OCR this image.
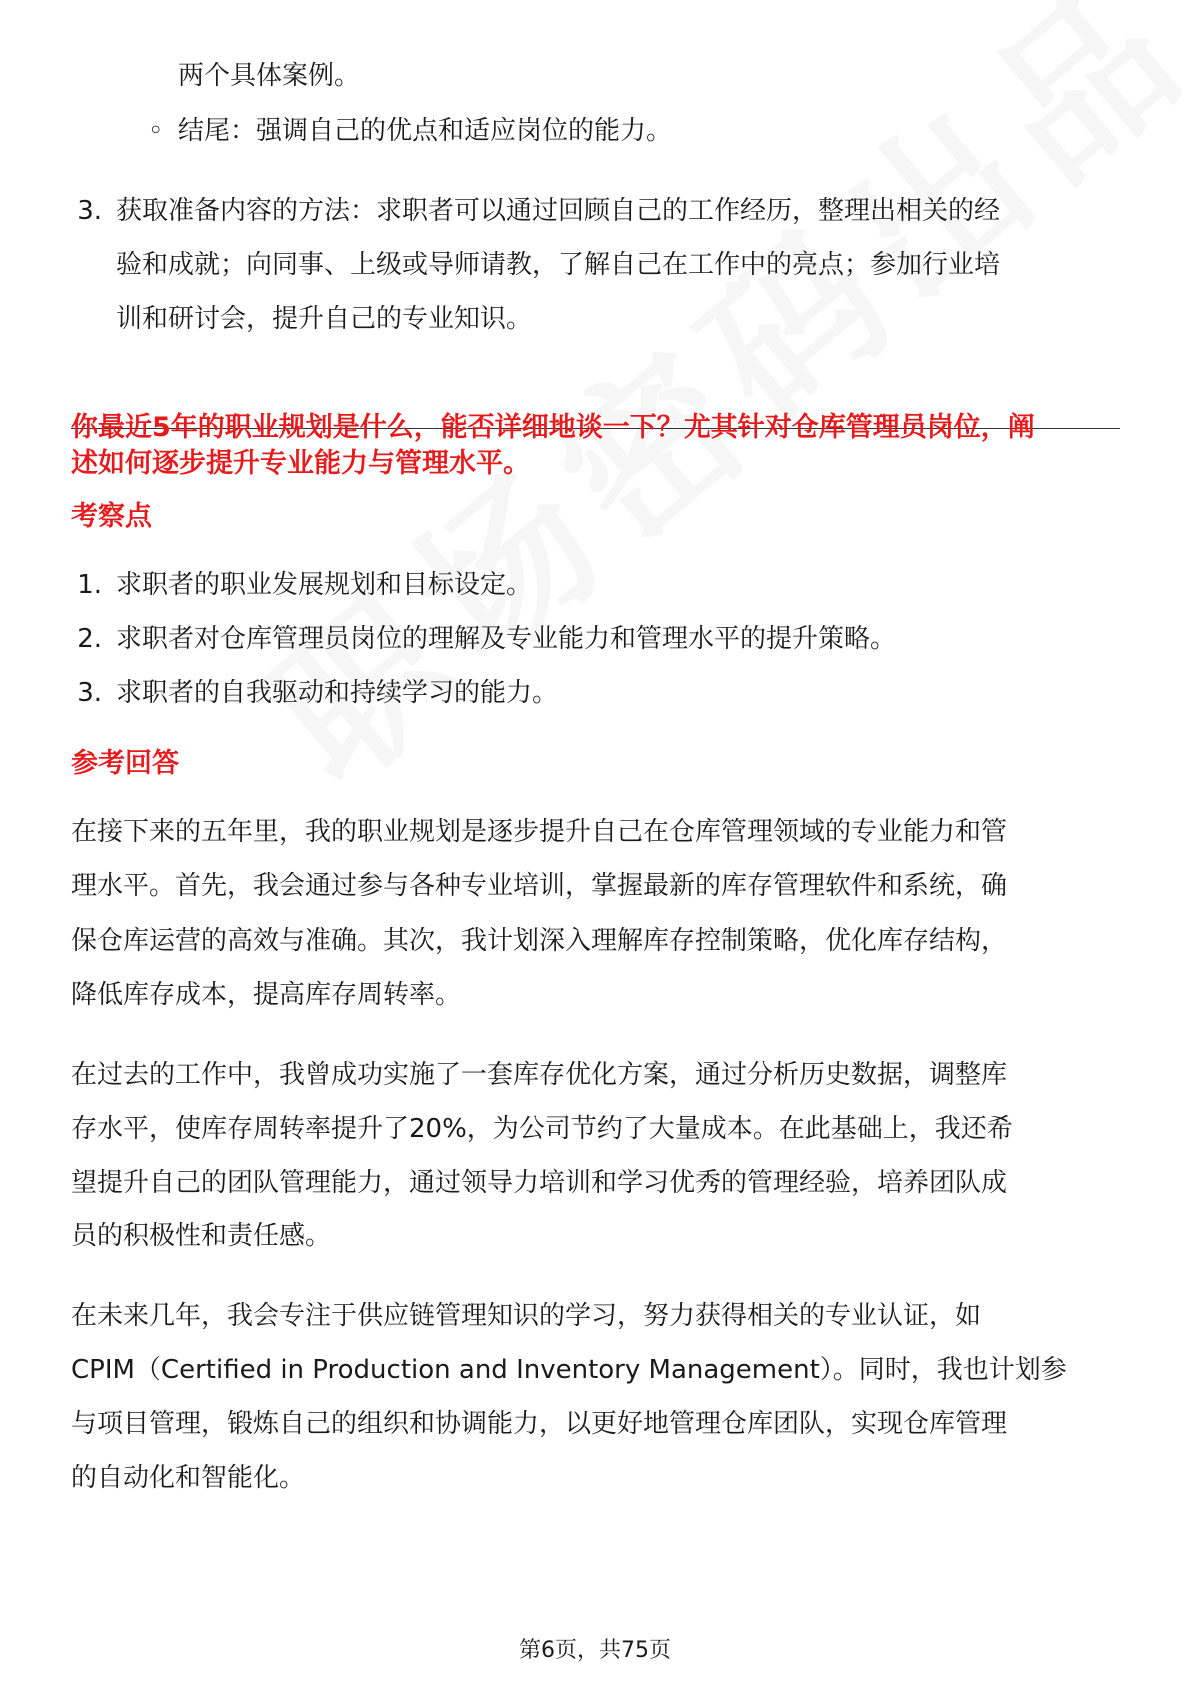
两个具体案例。
◦ 结尾：强调自己的优点和适应岗位的能力。
3. 获取准备内容的方法：求职者可以通过回顾自己的工作经历，整理出相关的经
验和成就；向同事、上级或导师请教，了解自己在工作中的亮点；参加行业培
训和研讨会，提升自己的专业知识。
你最近5年的职业规划是什么，能否详细地谈一下？尤其针对仓库管理员岗位，阐
述如何逐步提升专业能力与管理水平。
考察点
1. 求职者的职业发展规划和目标设定。
2. 求职者对仓库管理员岗位的理解及专业能力和管理水平的提升策略。
3. 求职者的自我驱动和持续学习的能力。
参考回答
在接下来的五年里，我的职业规划是逐步提升自己在仓库管理领域的专业能力和管
理水平。首先，我会通过参与各种专业培训，掌握最新的库存管理软件和系统，确
保仓库运营的高效与准确。其次，我计划深入理解库存控制策略，优化库存结构，
降低库存成本，提高库存周转率。
在过去的工作中，我曾成功实施了一套库存优化方案，通过分析历史数据，调整库
存水平，使库存周转率提升了20%，为公司节约了大量成本。在此基础上，我还希
望提升自己的团队管理能力，通过领导力培训和学习优秀的管理经验，培养团队成
员的积极性和责任感。
在未来几年，我会专注于供应链管理知识的学习，努力获得相关的专业认证，如
CPIM（Certified in Production and Inventory Management）。同时，我也计划参
与项目管理，锻炼自己的组织和协调能力，以更好地管理仓库团队，实现仓库管理
的自动化和智能化。
第6页，共75页
